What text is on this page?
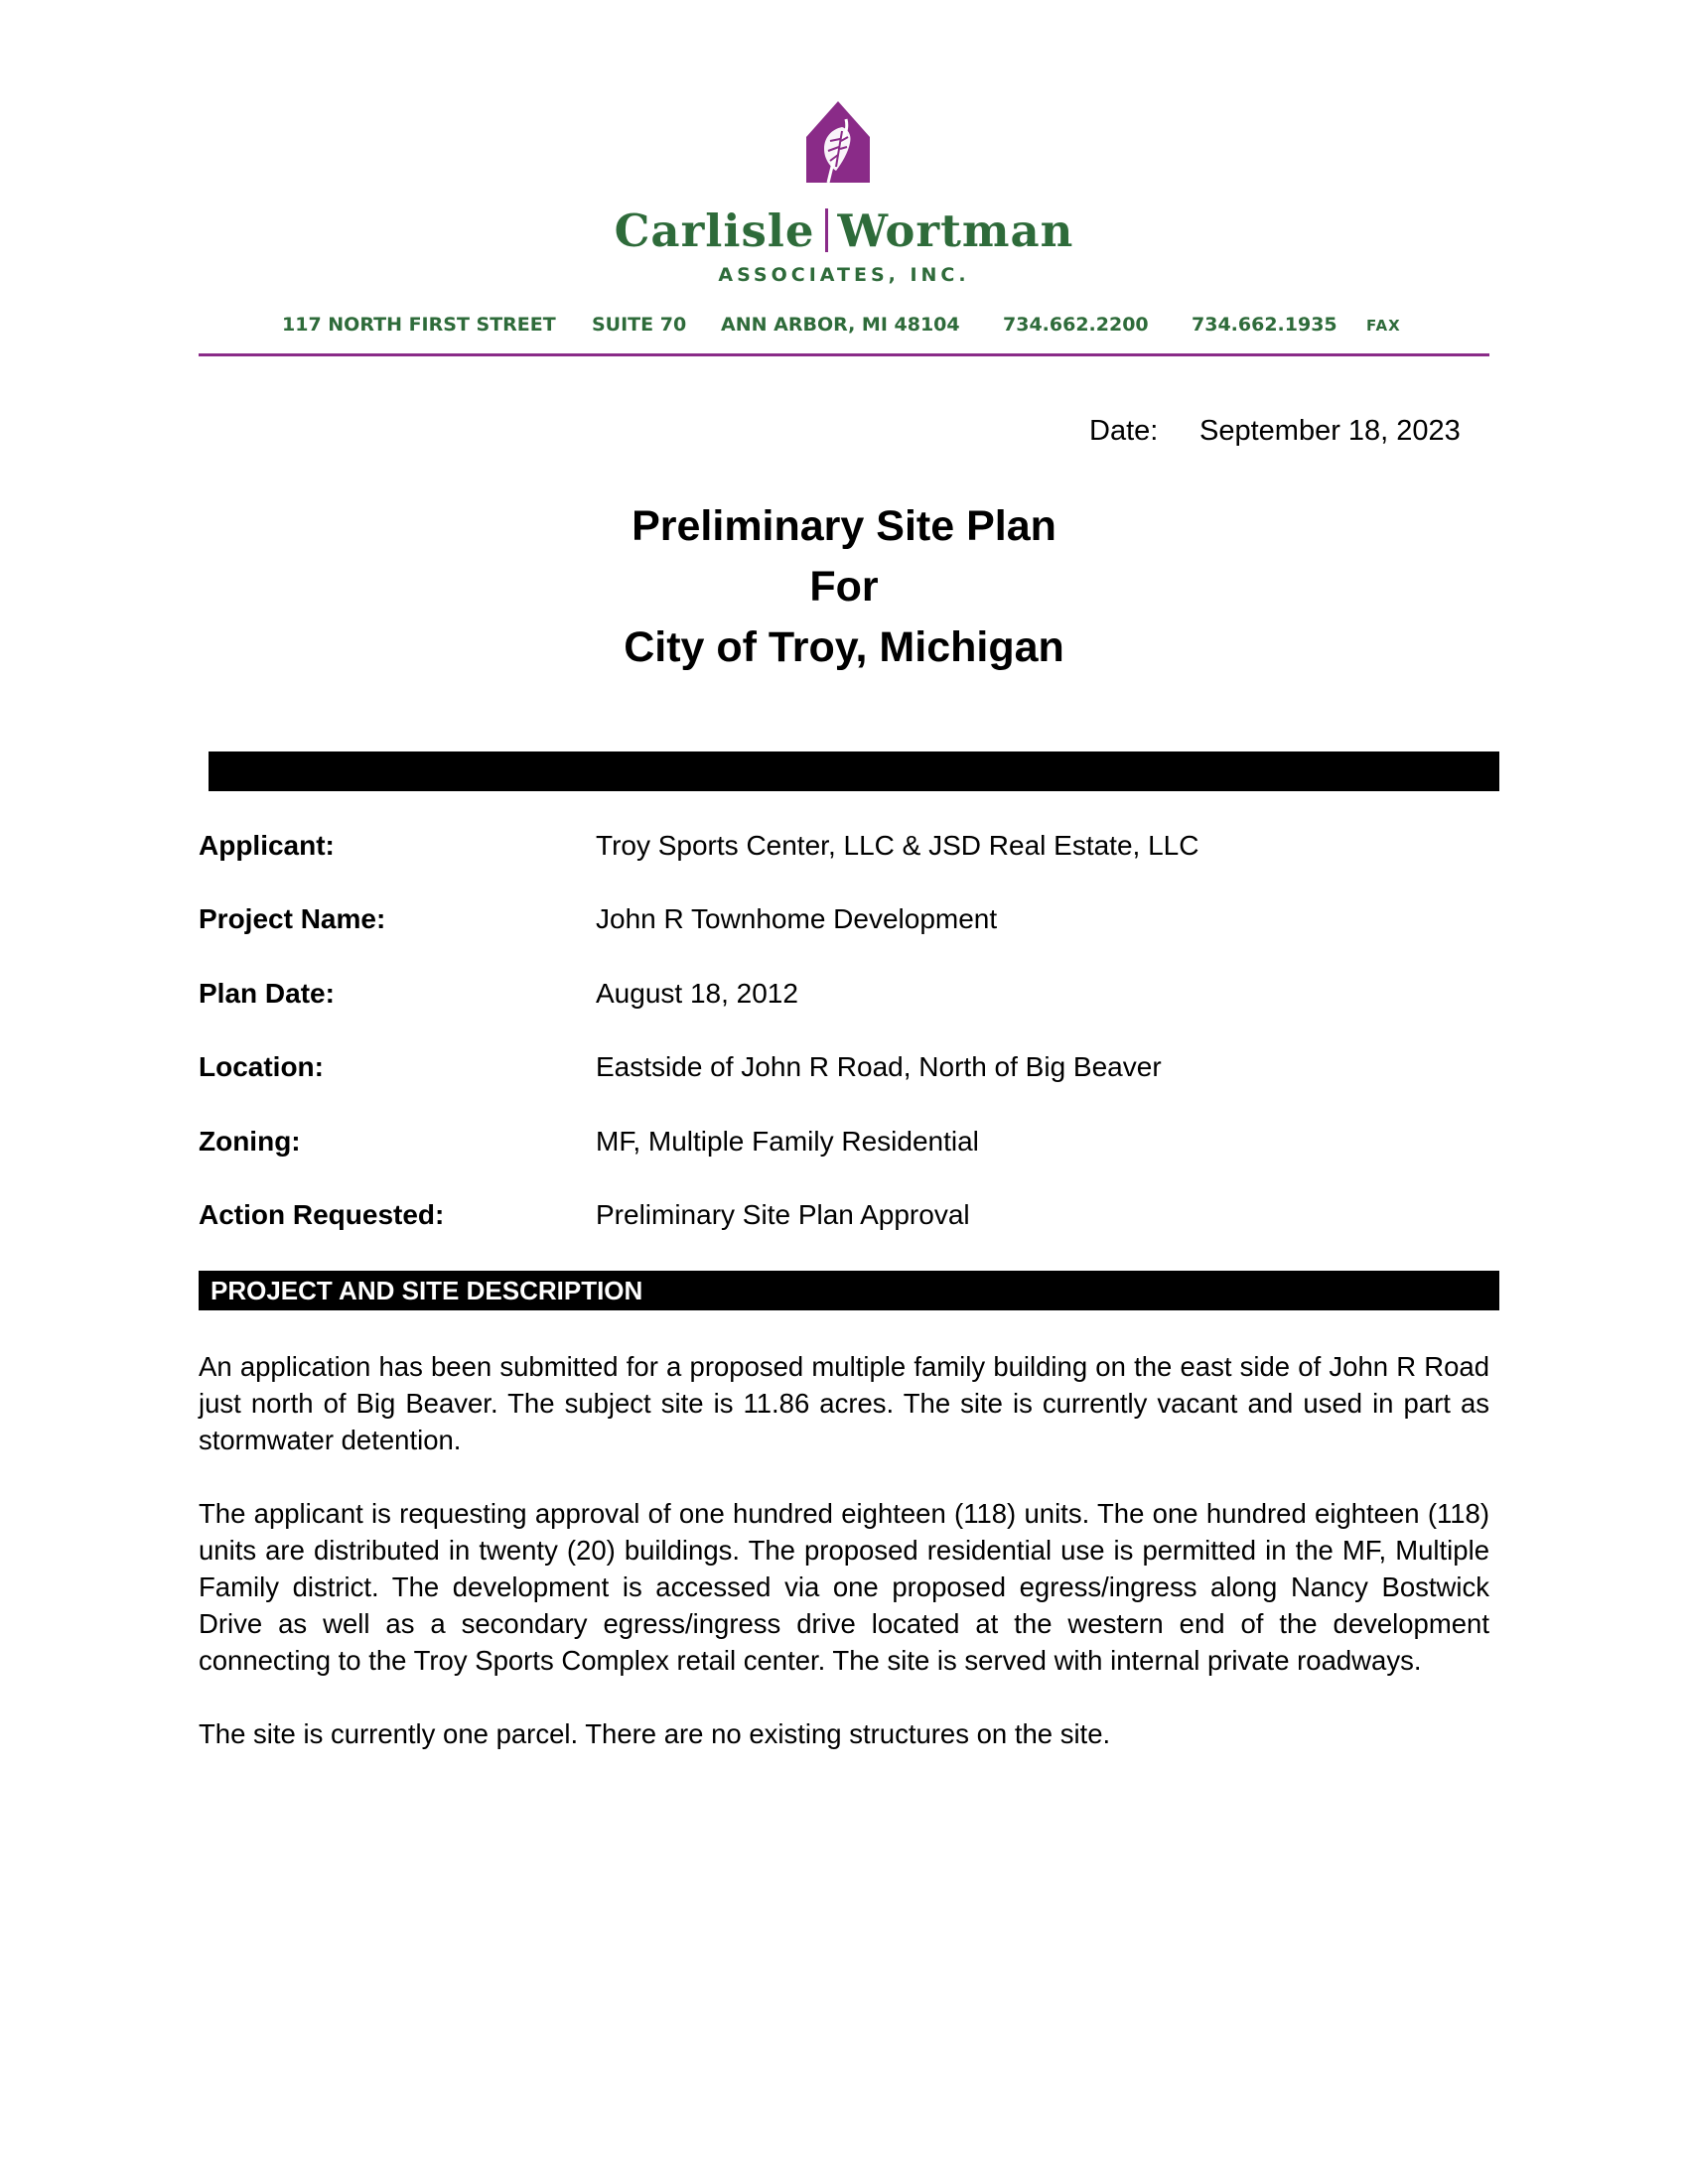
Carlisle Wortman
ASSOCIATES, INC.
117 NORTH FIRST STREET SUITE 70 ANN ARBOR, MI 48104 734.662.2200 734.662.1935 FAX
Date: September 18, 2023
Preliminary Site Plan
For
City of Troy, Michigan
Applicant:	Troy Sports Center, LLC & JSD Real Estate, LLC
Project Name:	John R Townhome Development
Plan Date:	August 18, 2012
Location:	Eastside of John R Road, North of Big Beaver
Zoning:	MF, Multiple Family Residential
Action Requested:	Preliminary Site Plan Approval
PROJECT AND SITE DESCRIPTION
An application has been submitted for a proposed multiple family building on the east side of John R Road just north of Big Beaver. The subject site is 11.86 acres. The site is currently vacant and used in part as stormwater detention.
The applicant is requesting approval of one hundred eighteen (118) units. The one hundred eighteen (118) units are distributed in twenty (20) buildings. The proposed residential use is permitted in the MF, Multiple Family district. The development is accessed via one proposed egress/ingress along Nancy Bostwick Drive as well as a secondary egress/ingress drive located at the western end of the development connecting to the Troy Sports Complex retail center. The site is served with internal private roadways.
The site is currently one parcel. There are no existing structures on the site.
